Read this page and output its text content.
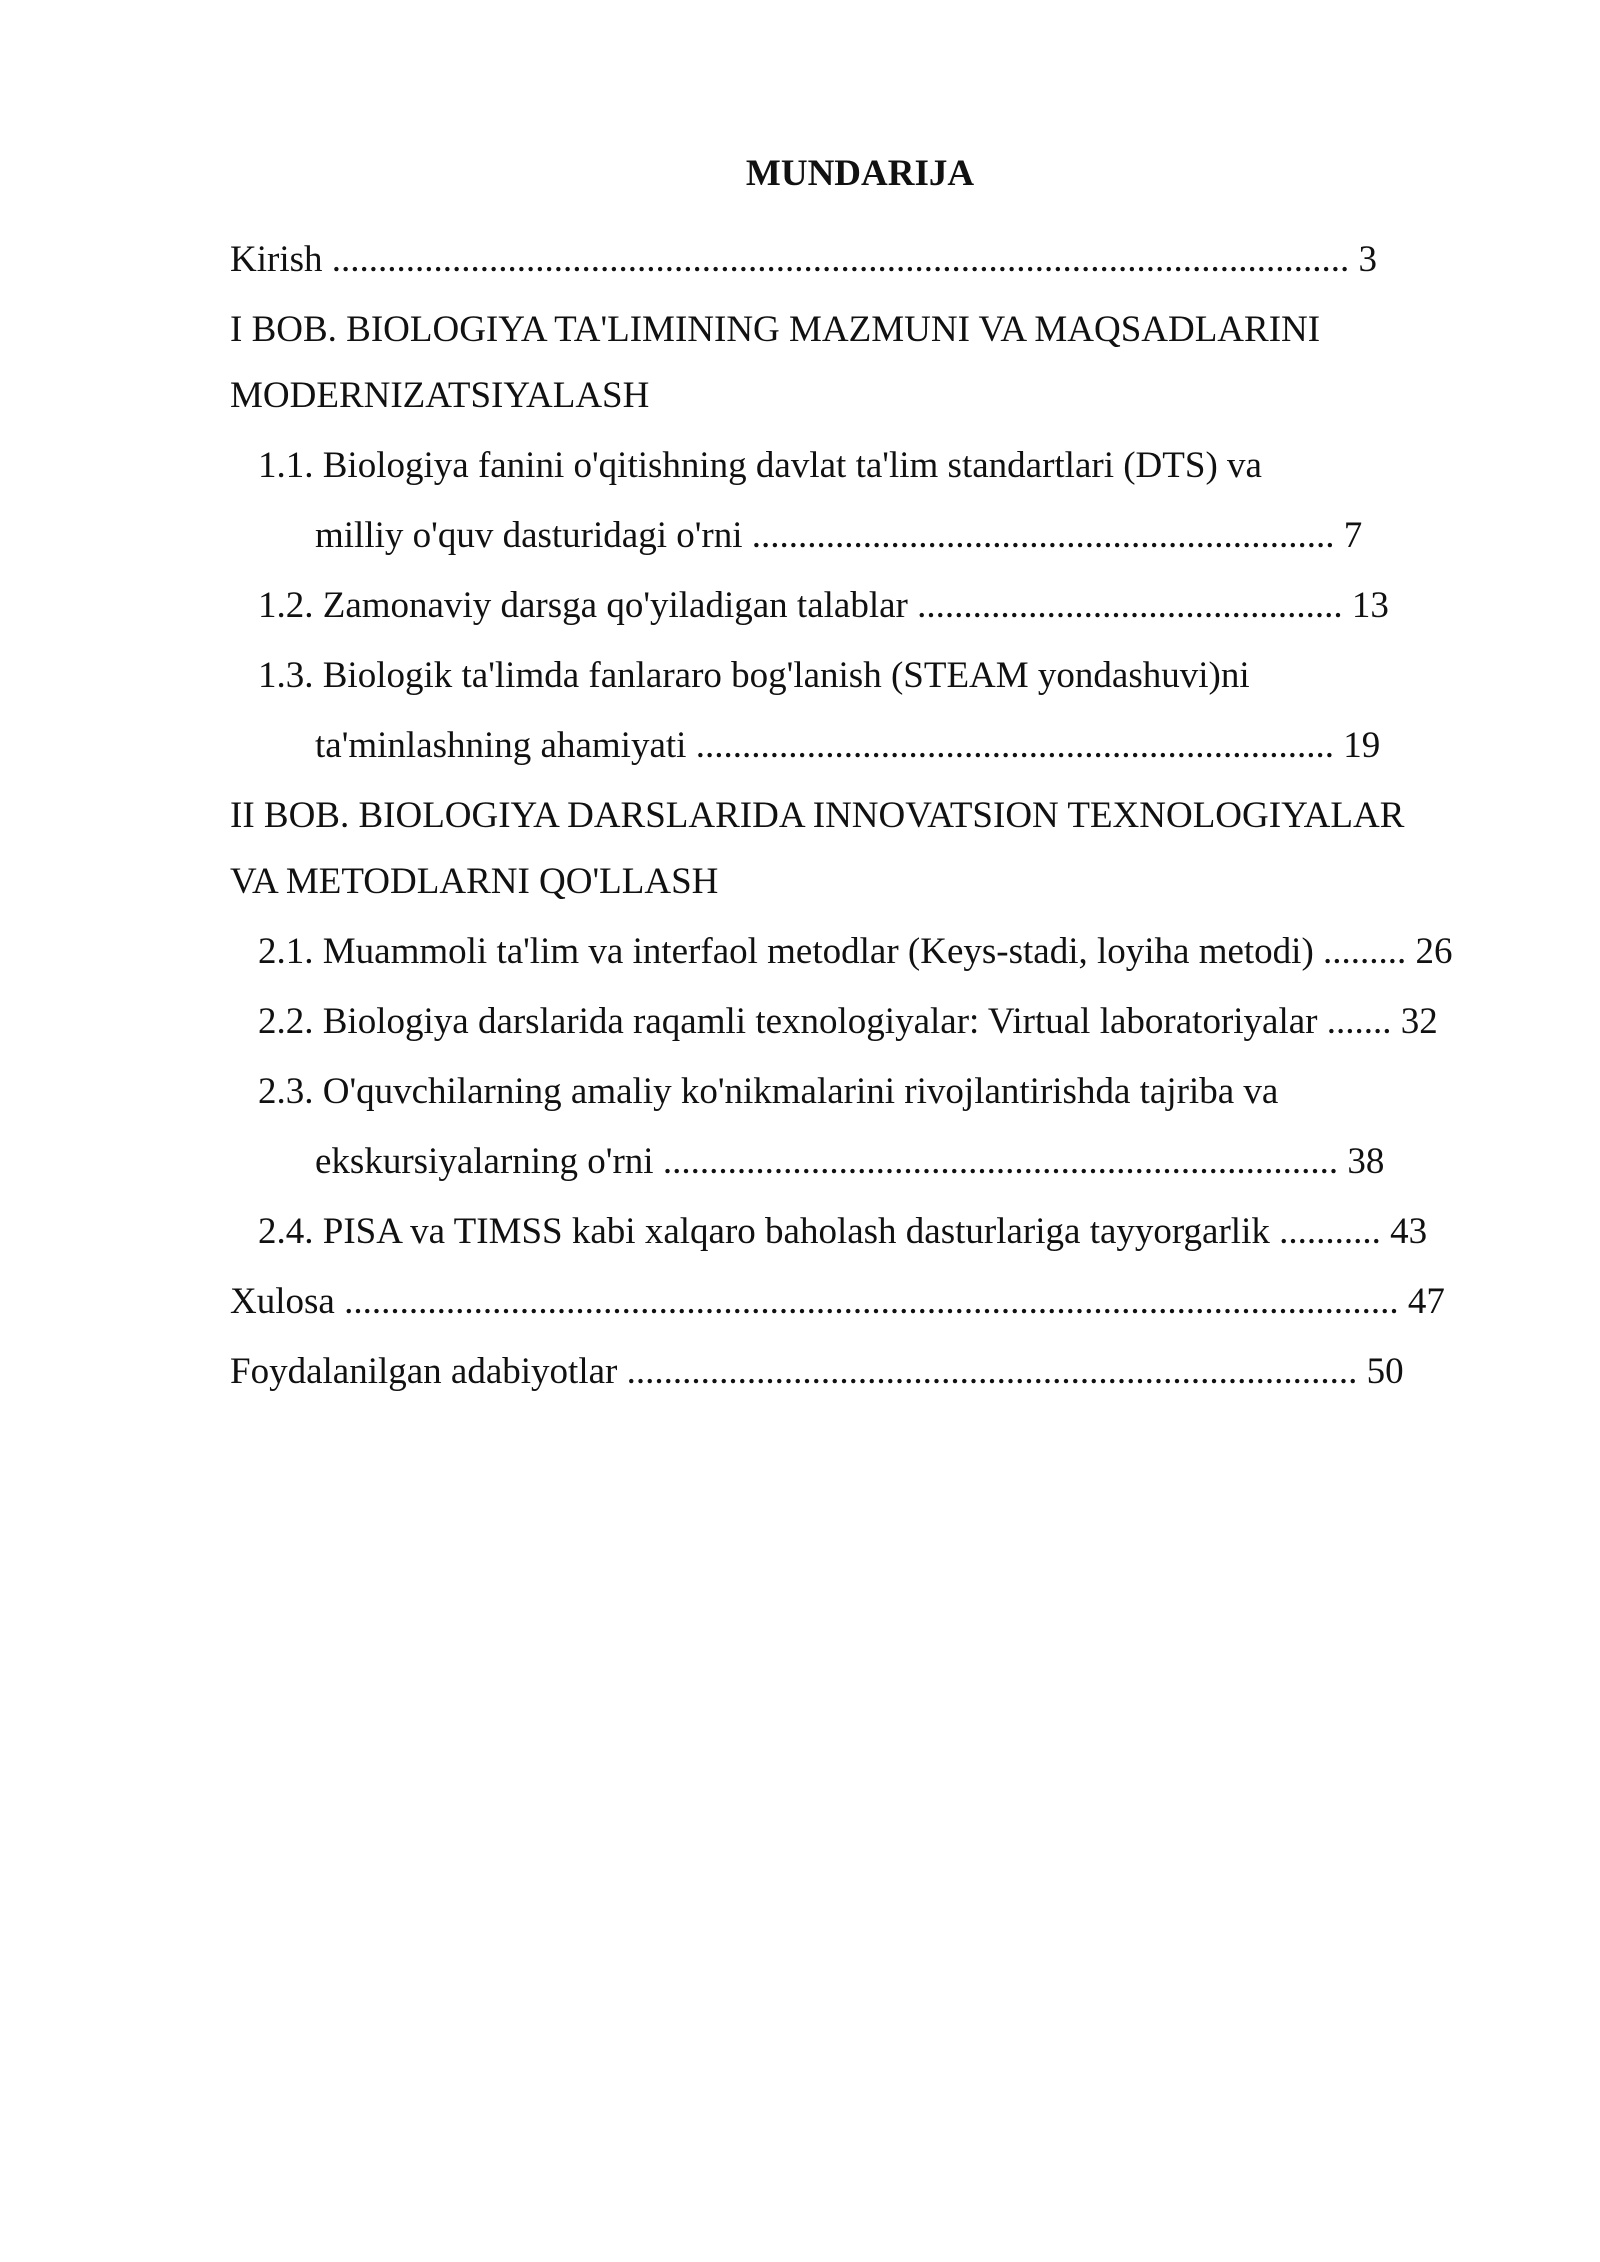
MUNDARIJA
Kirish .............................................................................................................. 3
I BOB. BIOLOGIYA TA'LIMINING MAZMUNI VA MAQSADLARINI
MODERNIZATSIYALASH
1.1. Biologiya fanini o'qitishning davlat ta'lim standartlari (DTS) va
milliy o'quv dasturidagi o'rni ............................................................... 7
1.2. Zamonaviy darsga qo'yiladigan talablar .............................................. 13
1.3. Biologik ta'limda fanlararo bog'lanish (STEAM yondashuvi)ni
ta'minlashning ahamiyati ..................................................................... 19
II BOB. BIOLOGIYA DARSLARIDA INNOVATSION TEXNOLOGIYALAR
VA METODLARNI QO'LLASH
2.1. Muammoli ta'lim va interfaol metodlar (Keys-stadi, loyiha metodi) ......... 26
2.2. Biologiya darslarida raqamli texnologiyalar: Virtual laboratoriyalar ....... 32
2.3. O'quvchilarning amaliy ko'nikmalarini rivojlantirishda tajriba va
ekskursiyalarning o'rni ......................................................................... 38
2.4. PISA va TIMSS kabi xalqaro baholash dasturlariga tayyorgarlik ........... 43
Xulosa .................................................................................................................. 47
Foydalanilgan adabiyotlar ............................................................................... 50
